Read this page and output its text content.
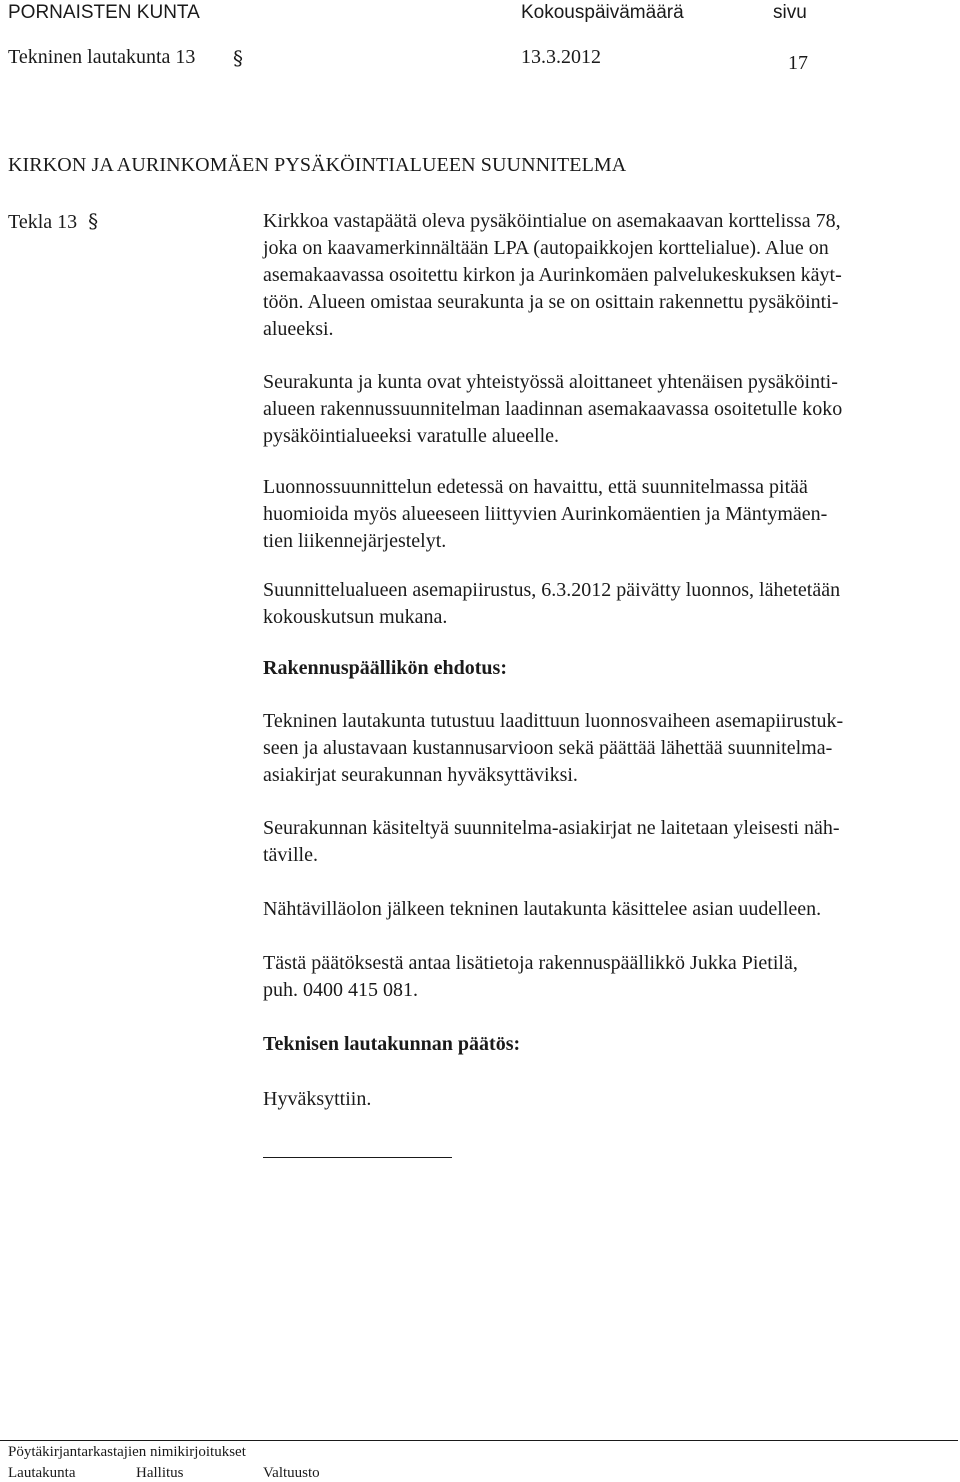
PORNAISTEN KUNTA	Kokouspäivämäärä	sivu
Tekninen lautakunta 13 §	13.3.2012	17
KIRKON JA AURINKOMÄEN PYSÄKÖINTIALUEEN SUUNNITELMA
Tekla 13 §	Kirkkoa vastapäätä oleva pysäköintialue on asemakaavan korttelissa 78,
joka on kaavamerkinnältään LPA (autopaikkojen korttelialue). Alue on
asemakaavassa osoitettu kirkon ja Aurinkomäen palvelukeskuksen käyt-
töön. Alueen omistaa seurakunta ja se on osittain rakennettu pysäköinti-
alueeksi.

Seurakunta ja kunta ovat yhteistyössä aloittaneet yhtenäisen pysäköinti-
alueen rakennussuunnitelman laadinnan asemakaavassa osoitetulle koko
pysäköintialueeksi varatulle alueelle.

Luonnossuunnittelun edetessä on havaittu, että suunnitelmassa pitää
huomioida myös alueeseen liittyvien Aurinkomäentien ja Mäntymäen-
tien liikennejärjestelyt.

Suunnittelualueen asemapiirustus, 6.3.2012 päivätty luonnos, lähetetään
kokouskutsun mukana.

Rakennuspäällikön ehdotus:

Tekninen lautakunta tutustuu laadittuun luonnosvaiheen asemapiirustuk-
seen ja alustavaan kustannusarvioon sekä päättää lähettää suunnitelma-
asiakirjat seurakunnan hyväksyttäviksi.

Seurakunnan käsiteltyä suunnitelma-asiakirjat ne laitetaan yleisesti näh-
täville.

Nähtävilläolon jälkeen tekninen lautakunta käsittelee asian uudelleen.

Tästä päätöksestä antaa lisätietoja rakennuspäällikkö Jukka Pietilä,
puh. 0400 415 081.

Teknisen lautakunnan päätös:

Hyväksyttiin.

Pöytäkirjantarkastajien nimikirjoitukset
Lautakunta	Hallitus	Valtuusto
